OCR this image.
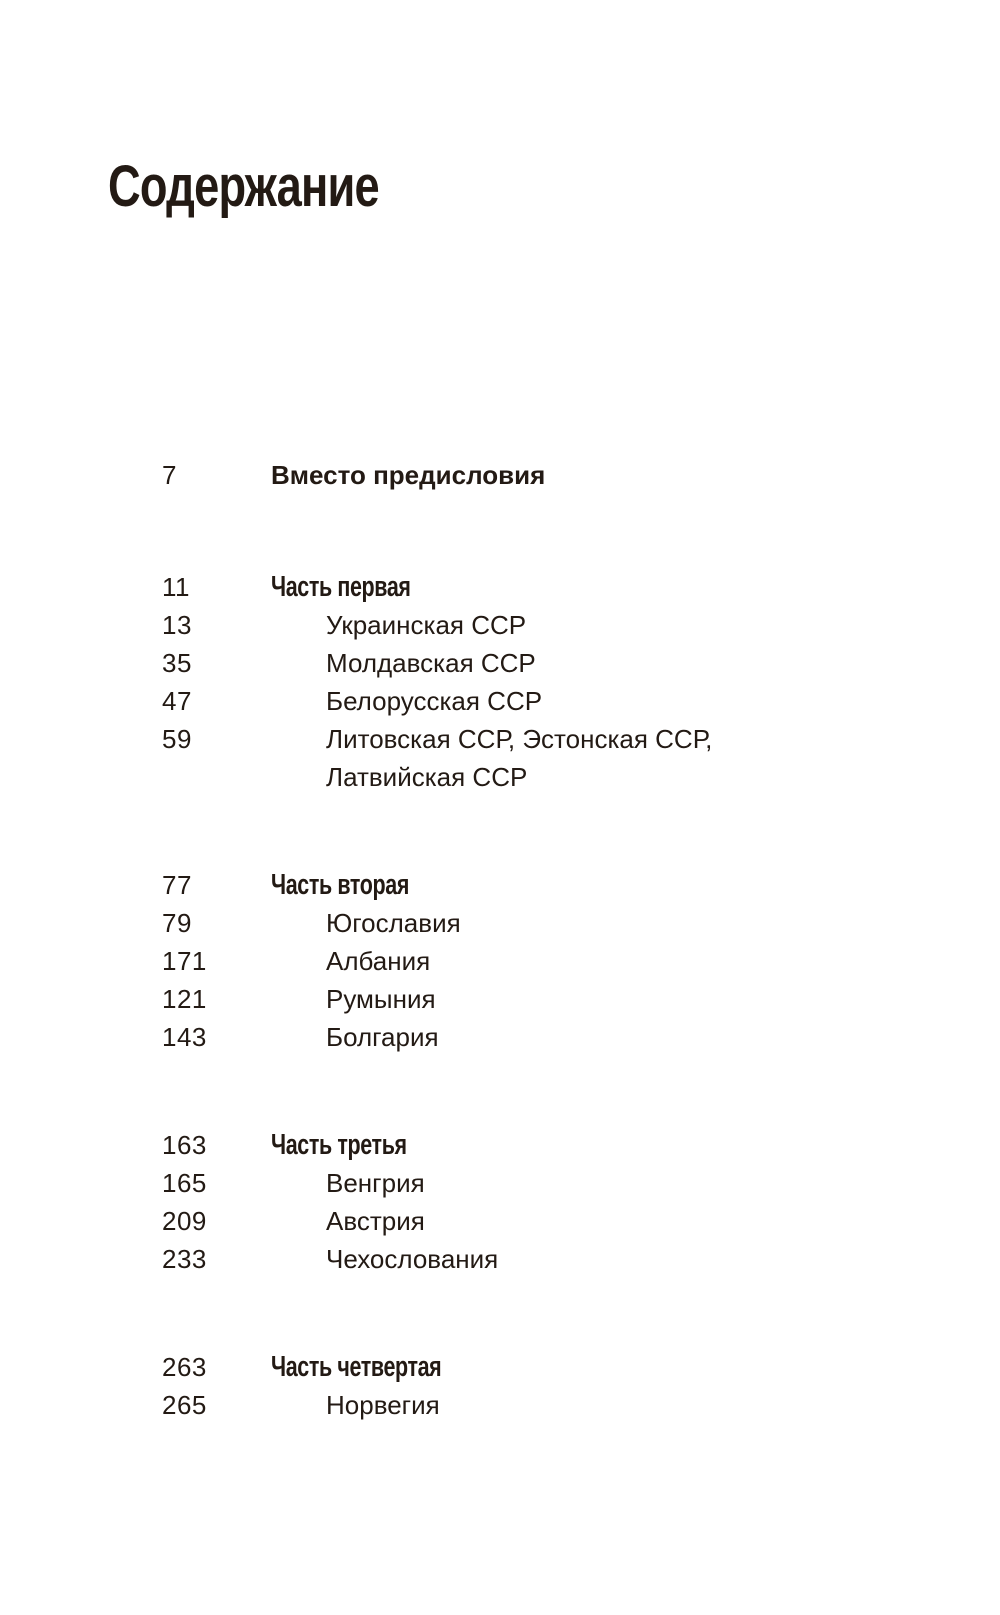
Содержание
7	Вместо предисловия
11	Часть первая
13	Украинская ССР
35	Молдавская ССР
47	Белорусская ССР
59	Литовская ССР, Эстонская ССР,
Латвийская ССР
77	Часть вторая
79	Югославия
171	Албания
121	Румыния
143	Болгария
163 Часть третья
165	Венгрия
209	Австрия
233	Чехослования
263 Часть четвертая
265	Норвегия
